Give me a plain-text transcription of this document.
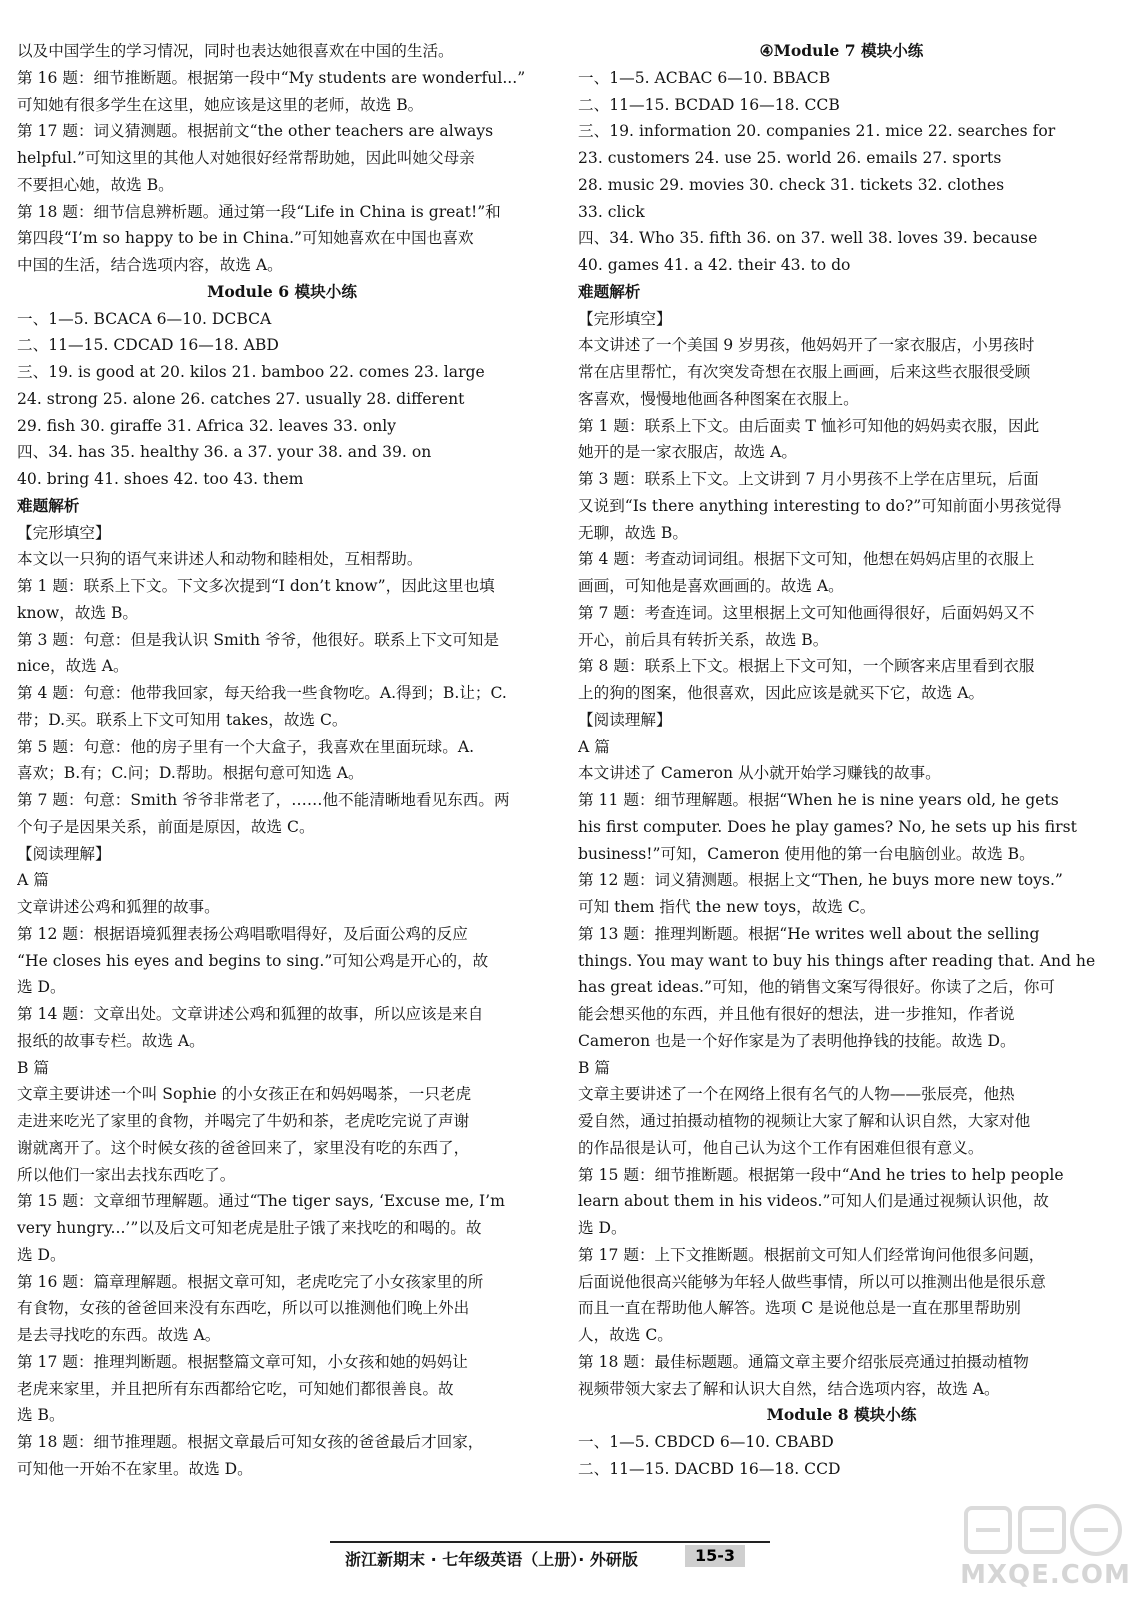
以及中国学生的学习情况，同时也表达她很喜欢在中国的生活。
第 16 题：细节推断题。根据第一段中“My students are wonderful...”
可知她有很多学生在这里，她应该是这里的老师，故选 B。
第 17 题：词义猜测题。根据前文“the other teachers are always
helpful.”可知这里的其他人对她很好经常帮助她，因此叫她父母亲
不要担心她，故选 B。
第 18 题：细节信息辨析题。通过第一段“Life in China is great!”和
第四段“I’m so happy to be in China.”可知她喜欢在中国也喜欢
中国的生活，结合选项内容，故选 A。
Module 6 模块小练
一、1—5. BCACA 6—10. DCBCA
二、11—15. CDCAD 16—18. ABD
三、19. is good at 20. kilos 21. bamboo 22. comes 23. large
24. strong 25. alone 26. catches 27. usually 28. different
29. fish 30. giraffe 31. Africa 32. leaves 33. only
四、34. has 35. healthy 36. a 37. your 38. and 39. on
40. bring 41. shoes 42. too 43. them
难题解析
【完形填空】
本文以一只狗的语气来讲述人和动物和睦相处，互相帮助。
第 1 题：联系上下文。下文多次提到“I don’t know”，因此这里也填
know，故选 B。
第 3 题：句意：但是我认识 Smith 爷爷，他很好。联系上下文可知是
nice，故选 A。
第 4 题：句意：他带我回家，每天给我一些食物吃。A.得到；B.让；C.
带；D.买。联系上下文可知用 takes，故选 C。
第 5 题：句意：他的房子里有一个大盒子，我喜欢在里面玩球。A.
喜欢；B.有；C.问；D.帮助。根据句意可知选 A。
第 7 题：句意：Smith 爷爷非常老了，……他不能清晰地看见东西。两
个句子是因果关系，前面是原因，故选 C。
【阅读理解】
A 篇
文章讲述公鸡和狐狸的故事。
第 12 题：根据语境狐狸表扬公鸡唱歌唱得好，及后面公鸡的反应
“He closes his eyes and begins to sing.”可知公鸡是开心的，故
选 D。
第 14 题：文章出处。文章讲述公鸡和狐狸的故事，所以应该是来自
报纸的故事专栏。故选 A。
B 篇
文章主要讲述一个叫 Sophie 的小女孩正在和妈妈喝茶，一只老虎
走进来吃光了家里的食物，并喝完了牛奶和茶，老虎吃完说了声谢
谢就离开了。这个时候女孩的爸爸回来了，家里没有吃的东西了，
所以他们一家出去找东西吃了。
第 15 题：文章细节理解题。通过“The tiger says, ‘Excuse me, I’m
very hungry...’”以及后文可知老虎是肚子饿了来找吃的和喝的。故
选 D。
第 16 题：篇章理解题。根据文章可知，老虎吃完了小女孩家里的所
有食物，女孩的爸爸回来没有东西吃，所以可以推测他们晚上外出
是去寻找吃的东西。故选 A。
第 17 题：推理判断题。根据整篇文章可知，小女孩和她的妈妈让
老虎来家里，并且把所有东西都给它吃，可知她们都很善良。故
选 B。
第 18 题：细节推理题。根据文章最后可知女孩的爸爸最后才回家，
可知他一开始不在家里。故选 D。
④Module 7 模块小练
一、1—5. ACBAC 6—10. BBACB
二、11—15. BCDAD 16—18. CCB
三、19. information 20. companies 21. mice 22. searches for
23. customers 24. use 25. world 26. emails 27. sports
28. music 29. movies 30. check 31. tickets 32. clothes
33. click
四、34. Who 35. fifth 36. on 37. well 38. loves 39. because
40. games 41. a 42. their 43. to do
难题解析
【完形填空】
本文讲述了一个美国 9 岁男孩，他妈妈开了一家衣服店，小男孩时
常在店里帮忙，有次突发奇想在衣服上画画，后来这些衣服很受顾
客喜欢，慢慢地他画各种图案在衣服上。
第 1 题：联系上下文。由后面卖 T 恤衫可知他的妈妈卖衣服，因此
她开的是一家衣服店，故选 A。
第 3 题：联系上下文。上文讲到 7 月小男孩不上学在店里玩，后面
又说到“Is there anything interesting to do?”可知前面小男孩觉得
无聊，故选 B。
第 4 题：考查动词词组。根据下文可知，他想在妈妈店里的衣服上
画画，可知他是喜欢画画的。故选 A。
第 7 题：考查连词。这里根据上文可知他画得很好，后面妈妈又不
开心，前后具有转折关系，故选 B。
第 8 题：联系上下文。根据上下文可知，一个顾客来店里看到衣服
上的狗的图案，他很喜欢，因此应该是就买下它，故选 A。
【阅读理解】
A 篇
本文讲述了 Cameron 从小就开始学习赚钱的故事。
第 11 题：细节理解题。根据“When he is nine years old, he gets
his first computer. Does he play games? No, he sets up his first
business!”可知，Cameron 使用他的第一台电脑创业。故选 B。
第 12 题：词义猜测题。根据上文“Then, he buys more new toys.”
可知 them 指代 the new toys，故选 C。
第 13 题：推理判断题。根据“He writes well about the selling
things. You may want to buy his things after reading that. And he
has great ideas.”可知，他的销售文案写得很好。你读了之后，你可
能会想买他的东西，并且他有很好的想法，进一步推知，作者说
Cameron 也是一个好作家是为了表明他挣钱的技能。故选 D。
B 篇
文章主要讲述了一个在网络上很有名气的人物——张辰亮，他热
爱自然，通过拍摄动植物的视频让大家了解和认识自然，大家对他
的作品很是认可，他自己认为这个工作有困难但很有意义。
第 15 题：细节推断题。根据第一段中“And he tries to help people
learn about them in his videos.”可知人们是通过视频认识他，故
选 D。
第 17 题：上下文推断题。根据前文可知人们经常询问他很多问题，
后面说他很高兴能够为年轻人做些事情，所以可以推测出他是很乐意
而且一直在帮助他人解答。选项 C 是说他总是一直在那里帮助别
人，故选 C。
第 18 题：最佳标题题。通篇文章主要介绍张辰亮通过拍摄动植物
视频带领大家去了解和认识大自然，结合选项内容，故选 A。
Module 8 模块小练
一、1—5. CBDCD 6—10. CBABD
二、11—15. DACBD 16—18. CCD
浙江新期末 · 七年级英语（上册）· 外研版	15-3
MXQE.COM
